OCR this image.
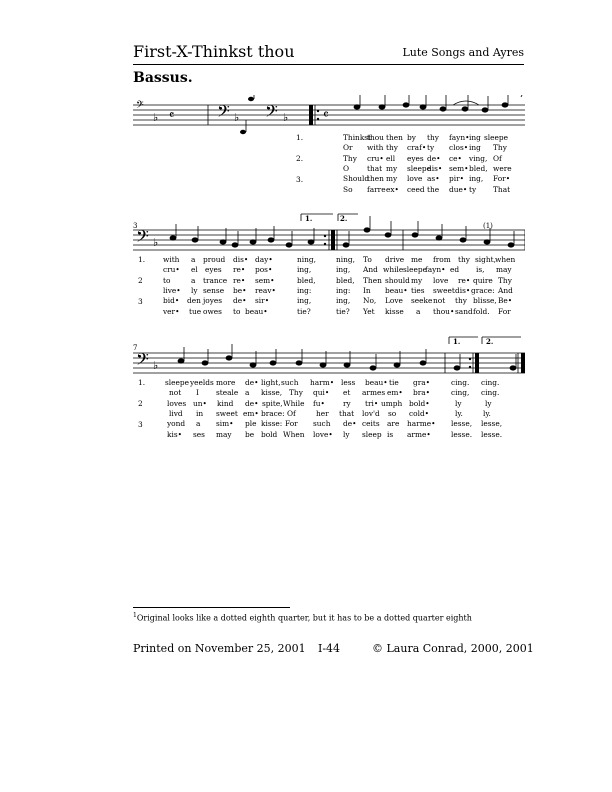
First-X-Thinkst thou	Lute Songs and Ayres
Bassus.
𝄢
♭ 𝄴 𝄢 ♭ 𝄢 ♭	𝄴
1.
2.
3.
Thinkst
thou then by thy fayn• ing sleepe
Or with thy craf• ty clos• ing Thy
Thy cru• ell eyes de• ce• ving, Of
O that my sleepe
dis• sem• bled, were
Should
then my love as• pir• ing, For•
So farre ex• ceed the due• ty That
3
𝄢 ♭
1.	2.
(1)
1.
2
3
with a proud dis• day•	ning,	ning, To drive me from thy sight, when
cru• el eyes re• pos•	ing,	ing, And while sleepe
fayn• ed is, may
to	a trance re• sem•	bled,	bled, Then should my love re• quire Thy
live• ly sense be• reav•	ing:	ing: In beau• ties sweet dis• grace: And
bid• den joyes de• sir•	ing,	ing, No, Love seeke not thy blisse, Be•
ver• tue owes to beau•	tie?	tie? Yet kisse a thou• sand fold. For
7
𝄢 ♭
1.	2.
1.
2
3
sleepe yeelds more de• light, such harm• less beau• tie gra•	cing. cing.
not I steale a kisse, Thy qui• et armes em• bra•	cing, cing.
loves un• kind de• spite, While fu• ry tri• umph bold•	ly	ly
livd in sweet em• brace: Of	her that lov'd so cold•	ly.	ly.
yond a sim• ple kisse: For such de• ceits are harme• lesse, lesse,
kis• ses may be bold When love• ly sleep is arme•	lesse. lesse.
$^1$Original looks like a dotted eighth quarter, but it has to be a dotted quarter eighth
Printed on November 25, 2001 I-44	© Laura Conrad, 2000, 2001
